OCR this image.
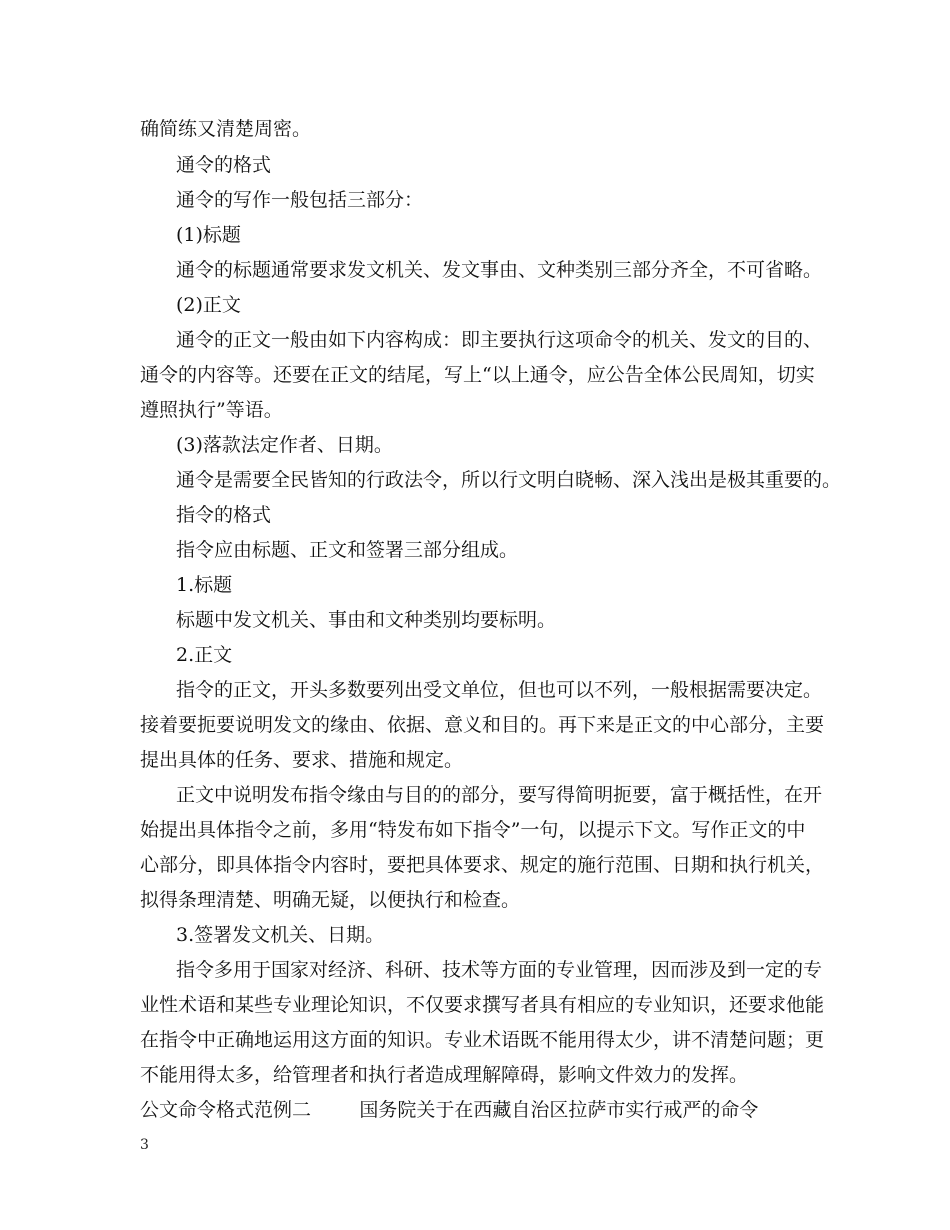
确简练又清楚周密。
通令的格式
通令的写作一般包括三部分：
(1)标题
通令的标题通常要求发文机关、发文事由、文种类别三部分齐全，不可省略。
(2)正文
通令的正文一般由如下内容构成：即主要执行这项命令的机关、发文的目的、
通令的内容等。还要在正文的结尾，写上“以上通令，应公告全体公民周知，切实
遵照执行”等语。
(3)落款法定作者、日期。
通令是需要全民皆知的行政法令，所以行文明白晓畅、深入浅出是极其重要的。
指令的格式
指令应由标题、正文和签署三部分组成。
1.标题
标题中发文机关、事由和文种类别均要标明。
2.正文
指令的正文，开头多数要列出受文单位，但也可以不列，一般根据需要决定。
接着要扼要说明发文的缘由、依据、意义和目的。再下来是正文的中心部分，主要
提出具体的任务、要求、措施和规定。
正文中说明发布指令缘由与目的的部分，要写得简明扼要，富于概括性，在开
始提出具体指令之前，多用“特发布如下指令”一句，以提示下文。写作正文的中
心部分，即具体指令内容时，要把具体要求、规定的施行范围、日期和执行机关，
拟得条理清楚、明确无疑，以便执行和检查。
3.签署发文机关、日期。
指令多用于国家对经济、科研、技术等方面的专业管理，因而涉及到一定的专
业性术语和某些专业理论知识，不仅要求撰写者具有相应的专业知识，还要求他能
在指令中正确地运用这方面的知识。专业术语既不能用得太少，讲不清楚问题；更
不能用得太多，给管理者和执行者造成理解障碍，影响文件效力的发挥。
公文命令格式范例二        国务院关于在西藏自治区拉萨市实行戒严的命令
3
